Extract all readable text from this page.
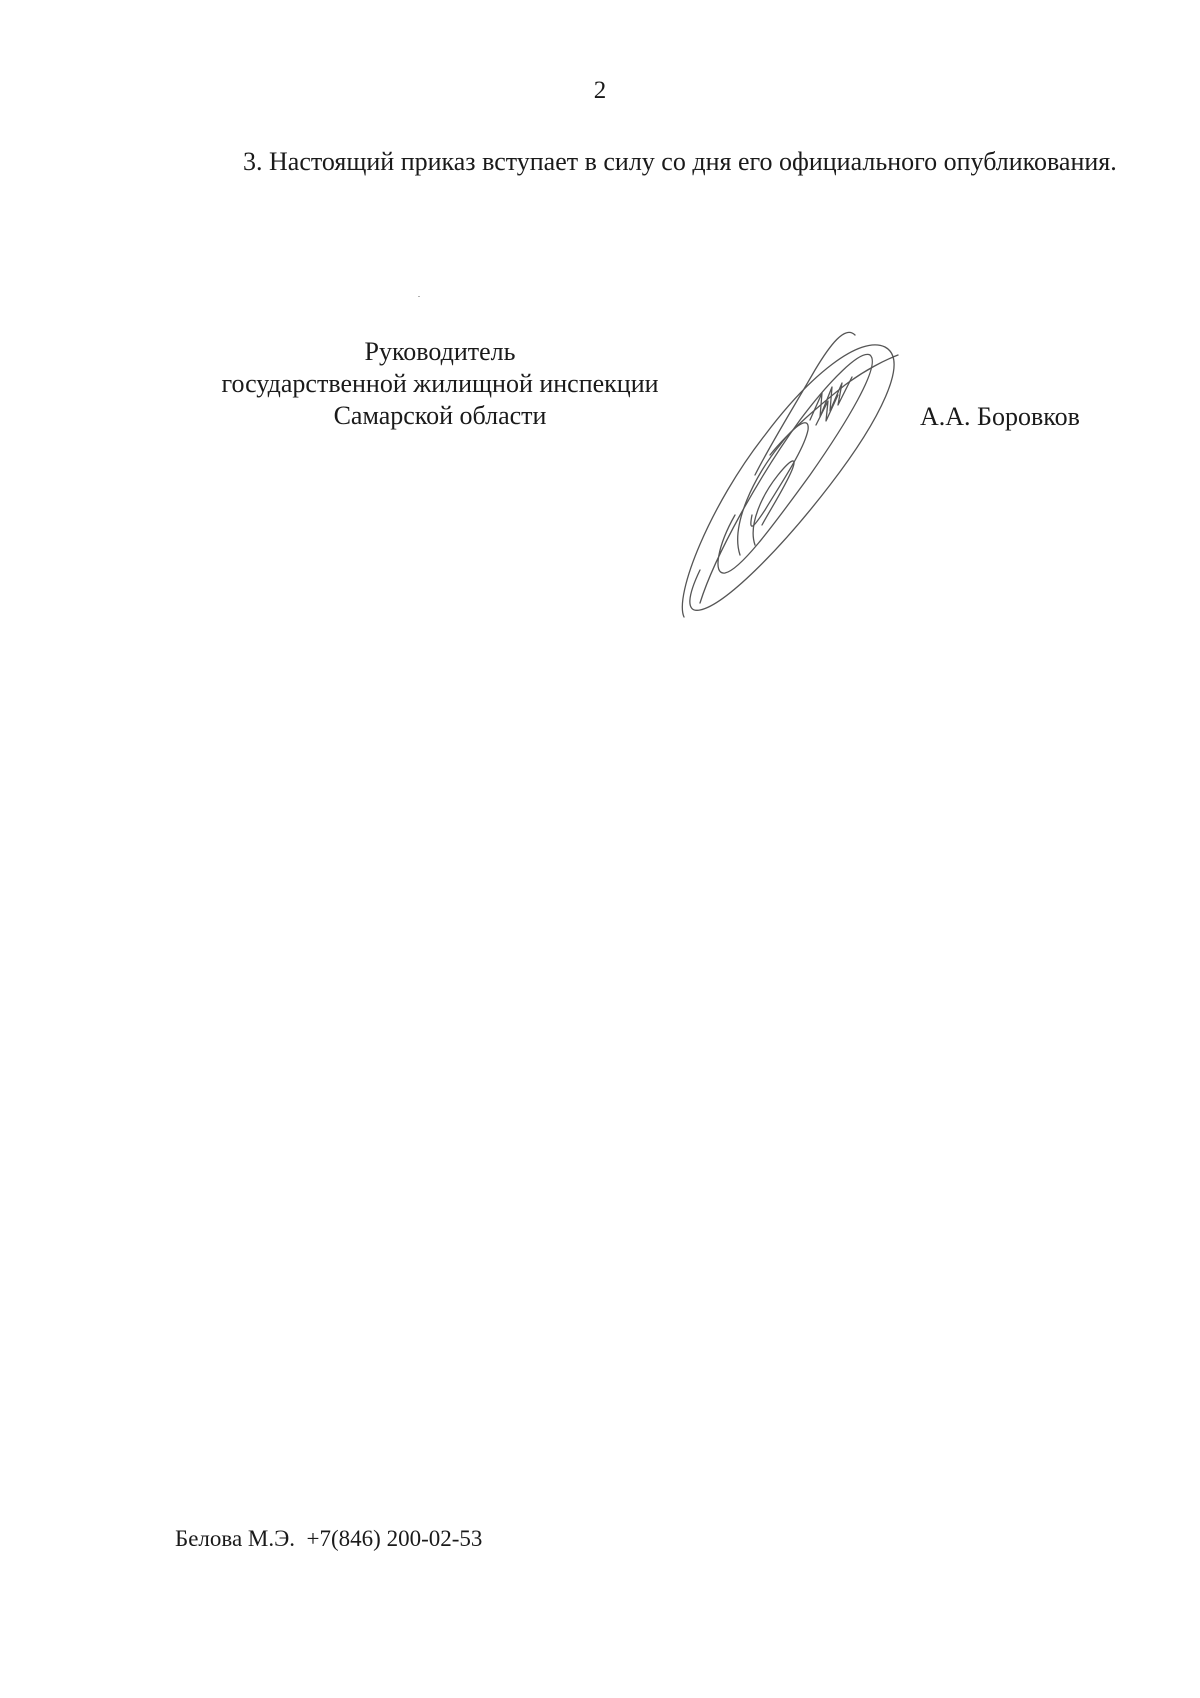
2

3. Настоящий приказ вступает в силу со дня его официального опубликования.

Руководитель
государственной жилищной инспекции
Самарской области	А.А. Боровков
Белова М.Э. +7(846) 200-02-53
